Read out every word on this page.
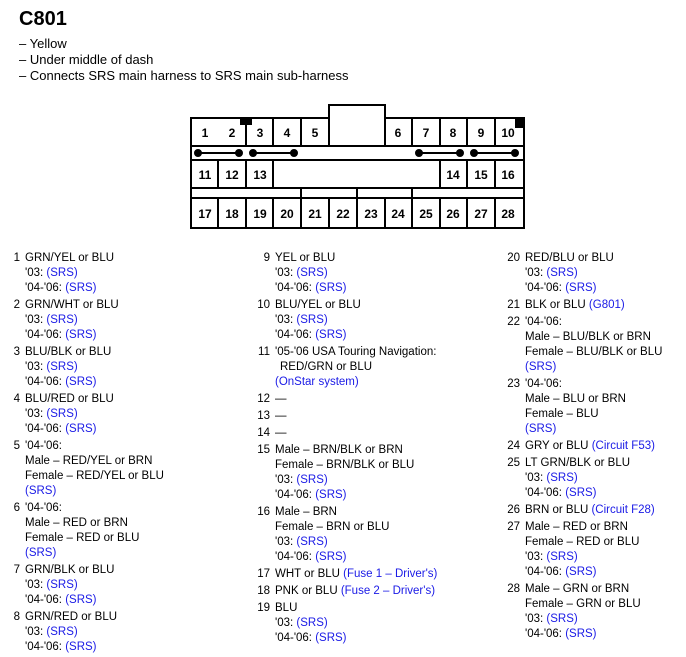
C801
– Yellow
– Under middle of dash
– Connects SRS main harness to SRS main sub-harness
1 2 3 4 5	6 7 8 9 10
11 12 13	14 15 16
17 18 19 20 21 22 23 24 25 26 27 28
1 GRN/YEL or BLU
'03: (SRS)
'04-'06: (SRS)
2 GRN/WHT or BLU
'03: (SRS)
'04-'06: (SRS)
3 BLU/BLK or BLU
'03: (SRS)
'04-'06: (SRS)
4 BLU/RED or BLU
'03: (SRS)
'04-'06: (SRS)
5 '04-'06:
Male – RED/YEL or BRN
Female – RED/YEL or BLU
(SRS)
6 '04-'06:
Male – RED or BRN
Female – RED or BLU
(SRS)
7 GRN/BLK or BLU
'03: (SRS)
'04-'06: (SRS)
8 GRN/RED or BLU
'03: (SRS)
'04-'06: (SRS)
9 YEL or BLU
'03: (SRS)
'04-'06: (SRS)
10 BLU/YEL or BLU
'03: (SRS)
'04-'06: (SRS)
11 '05-'06 USA Touring Navigation:
RED/GRN or BLU
(OnStar system)
12 —
13 —
14 —
15 Male – BRN/BLK or BRN
Female – BRN/BLK or BLU
'03: (SRS)
'04-'06: (SRS)
16 Male – BRN
Female – BRN or BLU
'03: (SRS)
'04-'06: (SRS)
17 WHT or BLU (Fuse 1 – Driver's)
18 PNK or BLU (Fuse 2 – Driver's)
19 BLU
'03: (SRS)
'04-'06: (SRS)
20 RED/BLU or BLU
'03: (SRS)
'04-'06: (SRS)
21 BLK or BLU (G801)
22 '04-'06:
Male – BLU/BLK or BRN
Female – BLU/BLK or BLU
(SRS)
23 '04-'06:
Male – BLU or BRN
Female – BLU
(SRS)
24 GRY or BLU (Circuit F53)
25 LT GRN/BLK or BLU
'03: (SRS)
'04-'06: (SRS)
26 BRN or BLU (Circuit F28)
27 Male – RED or BRN
Female – RED or BLU
'03: (SRS)
'04-'06: (SRS)
28 Male – GRN or BRN
Female – GRN or BLU
'03: (SRS)
'04-'06: (SRS)
